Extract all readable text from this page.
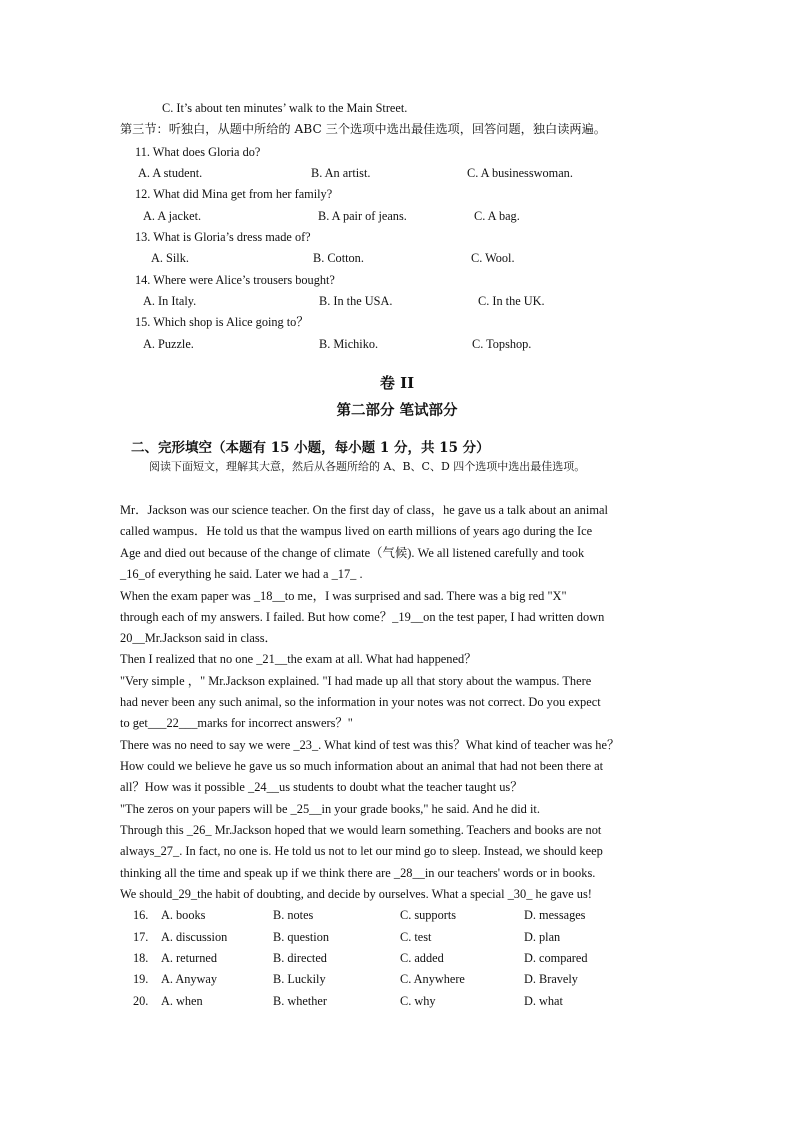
C. It’s about ten minutes’ walk to the Main Street.
第三节：听独白，从题中所给的 ABC 三个选项中选出最佳选项，回答问题，独白读两遍。
11. What does Gloria do?
A. A student.	B. An artist.	C. A businesswoman.
12. What did Mina get from her family?
A. A jacket.	B. A pair of jeans.	C. A bag.
13. What is Gloria’s dress made of?
A. Silk.	B. Cotton.	C. Wool.
14. Where were Alice’s trousers bought?
A. In Italy.	B. In the USA.	C. In the UK.
15. Which shop is Alice going to？
A. Puzzle.	B. Michiko.	C. Topshop.
卷 II
第二部分 笔试部分
二、完形填空（本题有 15 小题，每小题 1 分，共 15 分）
阅读下面短文，理解其大意，然后从各题所给的 A、B、C、D 四个选项中选出最佳选项。
Mr．Jackson was our science teacher. On the first day of class，he gave us a talk about an animal
called wampus．He told us that the wampus lived on earth millions of years ago during the Ice
Age and died out because of the change of climate（气候). We all listened carefully and took
_16_of everything he said. Later we had a _17_ .
When the exam paper was _18__to me，I was surprised and sad. There was a big red "X"
through each of my answers. I failed. But how come？_19__on the test paper, I had written down
20__Mr.Jackson said in class．
Then I realized that no one _21__the exam at all. What had happened？
"Very simple ，" Mr.Jackson explained. "I had made up all that story about the wampus. There
had never been any such animal, so the information in your notes was not correct. Do you expect
to get___22___marks for incorrect answers？"
There was no need to say we were _23_. What kind of test was this？What kind of teacher was he？
How could we believe he gave us so much information about an animal that had not been there at
all？How was it possible _24__us students to doubt what the teacher taught us？
"The zeros on your papers will be _25__in your grade books," he said. And he did it.
Through this _26_ Mr.Jackson hoped that we would learn something. Teachers and books are not
always_27_. In fact, no one is. He told us not to let our mind go to sleep. Instead, we should keep
thinking all the time and speak up if we think there are _28__in our teachers' words or in books.
We should_29_the habit of doubting, and decide by ourselves. What a special _30_ he gave us!
16. A. books	B. notes	C. supports	D. messages
17. A. discussion	B. question	C. test	D. plan
18. A. returned	B. directed	C. added	D. compared
19. A. Anyway	B. Luckily	C. Anywhere	D. Bravely
20. A. when	B. whether	C. why	D. what
